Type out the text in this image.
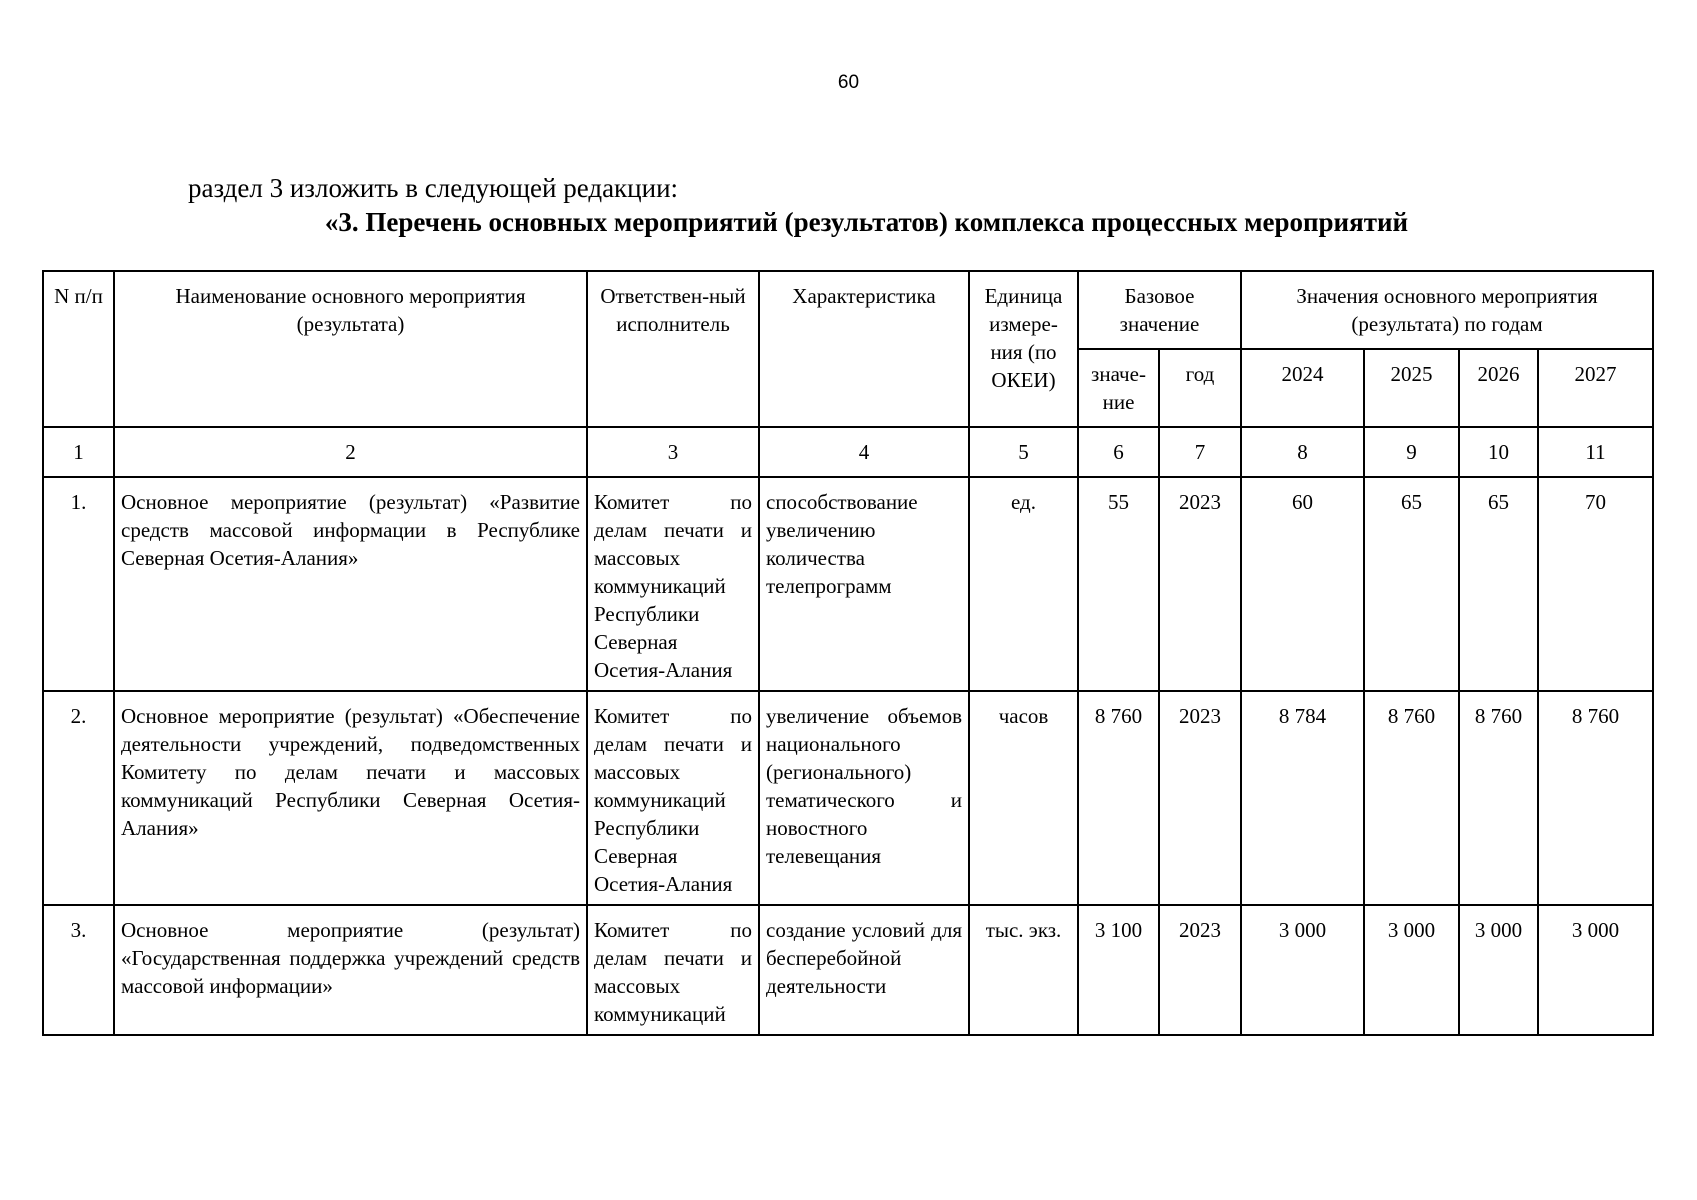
60
раздел 3 изложить в следующей редакции:
«3. Перечень основных мероприятий (результатов) комплекса процессных мероприятий
N п/п	Наименование основного мероприятия (результата)	Ответствен-ный исполнитель	Характеристика	Единица измере-ния (по ОКЕИ)	Базовое значение		Значения основного мероприятия (результата) по годам			
					значе-ние	год	2024	2025	2026	2027
1	2	3	4	5	6	7	8	9	10	11
1.	Основное мероприятие (результат) «Развитие средств массовой информации в Республике Северная Осетия-Алания»	Комитет по делам печати и массовых коммуникаций Республики Северная Осетия-Алания	способствование увеличению количества телепрограмм	ед.	55	2023	60	65	65	70
2.	Основное мероприятие (результат) «Обеспечение деятельности учреждений, подведомственных Комитету по делам печати и массовых коммуникаций Республики Северная Осетия-Алания»	Комитет по делам печати и массовых коммуникаций Республики Северная Осетия-Алания	увеличение объемов национального (регионального) тематического и новостного телевещания	часов	8 760	2023	8 784	8 760	8 760	8 760
3.	Основное мероприятие (результат) «Государственная поддержка учреждений средств массовой информации»	Комитет по делам печати и массовых коммуникаций	создание условий для бесперебойной деятельности	тыс. экз.	3 100	2023	3 000	3 000	3 000	3 000
